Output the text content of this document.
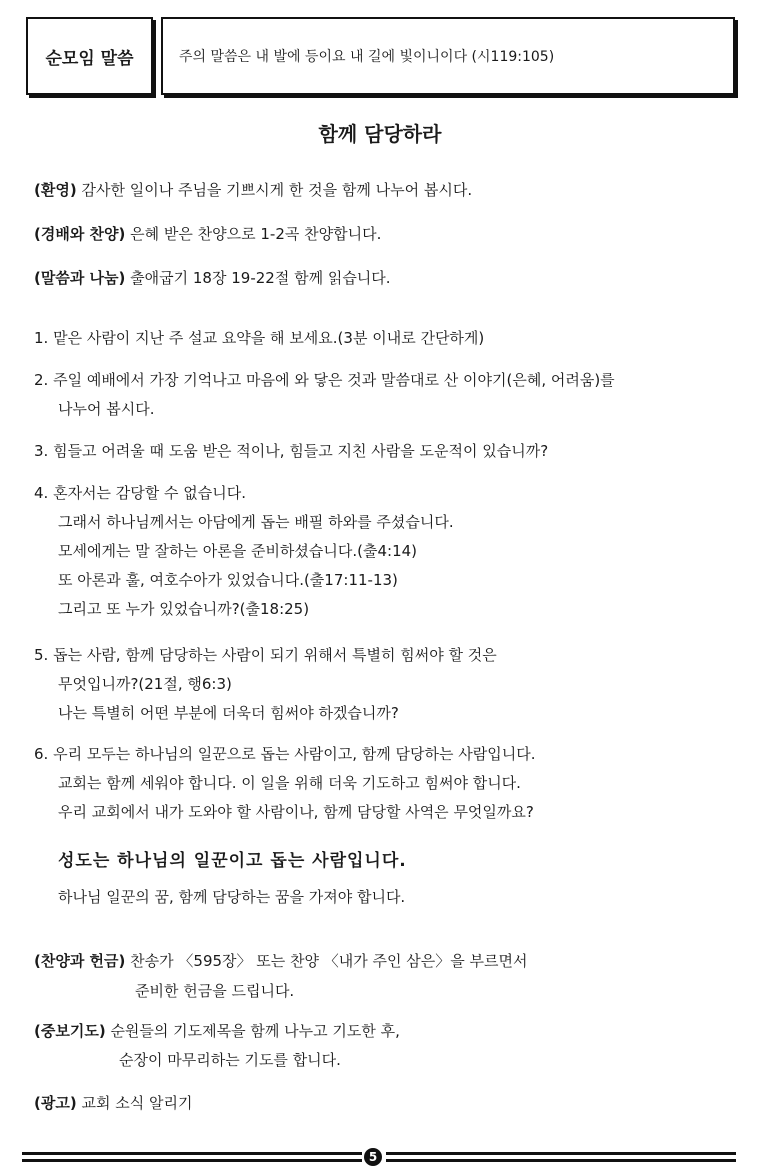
순모임 말씀	주의 말씀은 내 발에 등이요 내 길에 빛이니이다 (시119:105)
함께 담당하라
(환영) 감사한 일이나 주님을 기쁘시게 한 것을 함께 나누어 봅시다.
(경배와 찬양) 은혜 받은 찬양으로 1-2곡 찬양합니다.
(말씀과 나눔) 출애굽기 18장 19-22절 함께 읽습니다.
1. 맡은 사람이 지난 주 설교 요약을 해 보세요.(3분 이내로 간단하게)
2. 주일 예배에서 가장 기억나고 마음에 와 닿은 것과 말씀대로 산 이야기(은혜, 어려움)를
나누어 봅시다.
3. 힘들고 어려울 때 도움 받은 적이나, 힘들고 지친 사람을 도운적이 있습니까?
4. 혼자서는 감당할 수 없습니다.
그래서 하나님께서는 아담에게 돕는 배필 하와를 주셨습니다.
모세에게는 말 잘하는 아론을 준비하셨습니다.(출4:14)
또 아론과 훌, 여호수아가 있었습니다.(출17:11-13)
그리고 또 누가 있었습니까?(출18:25)
5. 돕는 사람, 함께 담당하는 사람이 되기 위해서 특별히 힘써야 할 것은
무엇입니까?(21절, 행6:3)
나는 특별히 어떤 부분에 더욱더 힘써야 하겠습니까?
6. 우리 모두는 하나님의 일꾼으로 돕는 사람이고, 함께 담당하는 사람입니다.
교회는 함께 세워야 합니다. 이 일을 위해 더욱 기도하고 힘써야 합니다.
우리 교회에서 내가 도와야 할 사람이나, 함께 담당할 사역은 무엇일까요?
성도는 하나님의 일꾼이고 돕는 사람입니다.
하나님 일꾼의 꿈, 함께 담당하는 꿈을 가져야 합니다.
(찬양과 헌금) 찬송가 〈595장〉 또는 찬양 〈내가 주인 삼은〉을 부르면서
준비한 헌금을 드립니다.
(중보기도) 순원들의 기도제목을 함께 나누고 기도한 후,
순장이 마무리하는 기도를 합니다.
(광고) 교회 소식 알리기
5
